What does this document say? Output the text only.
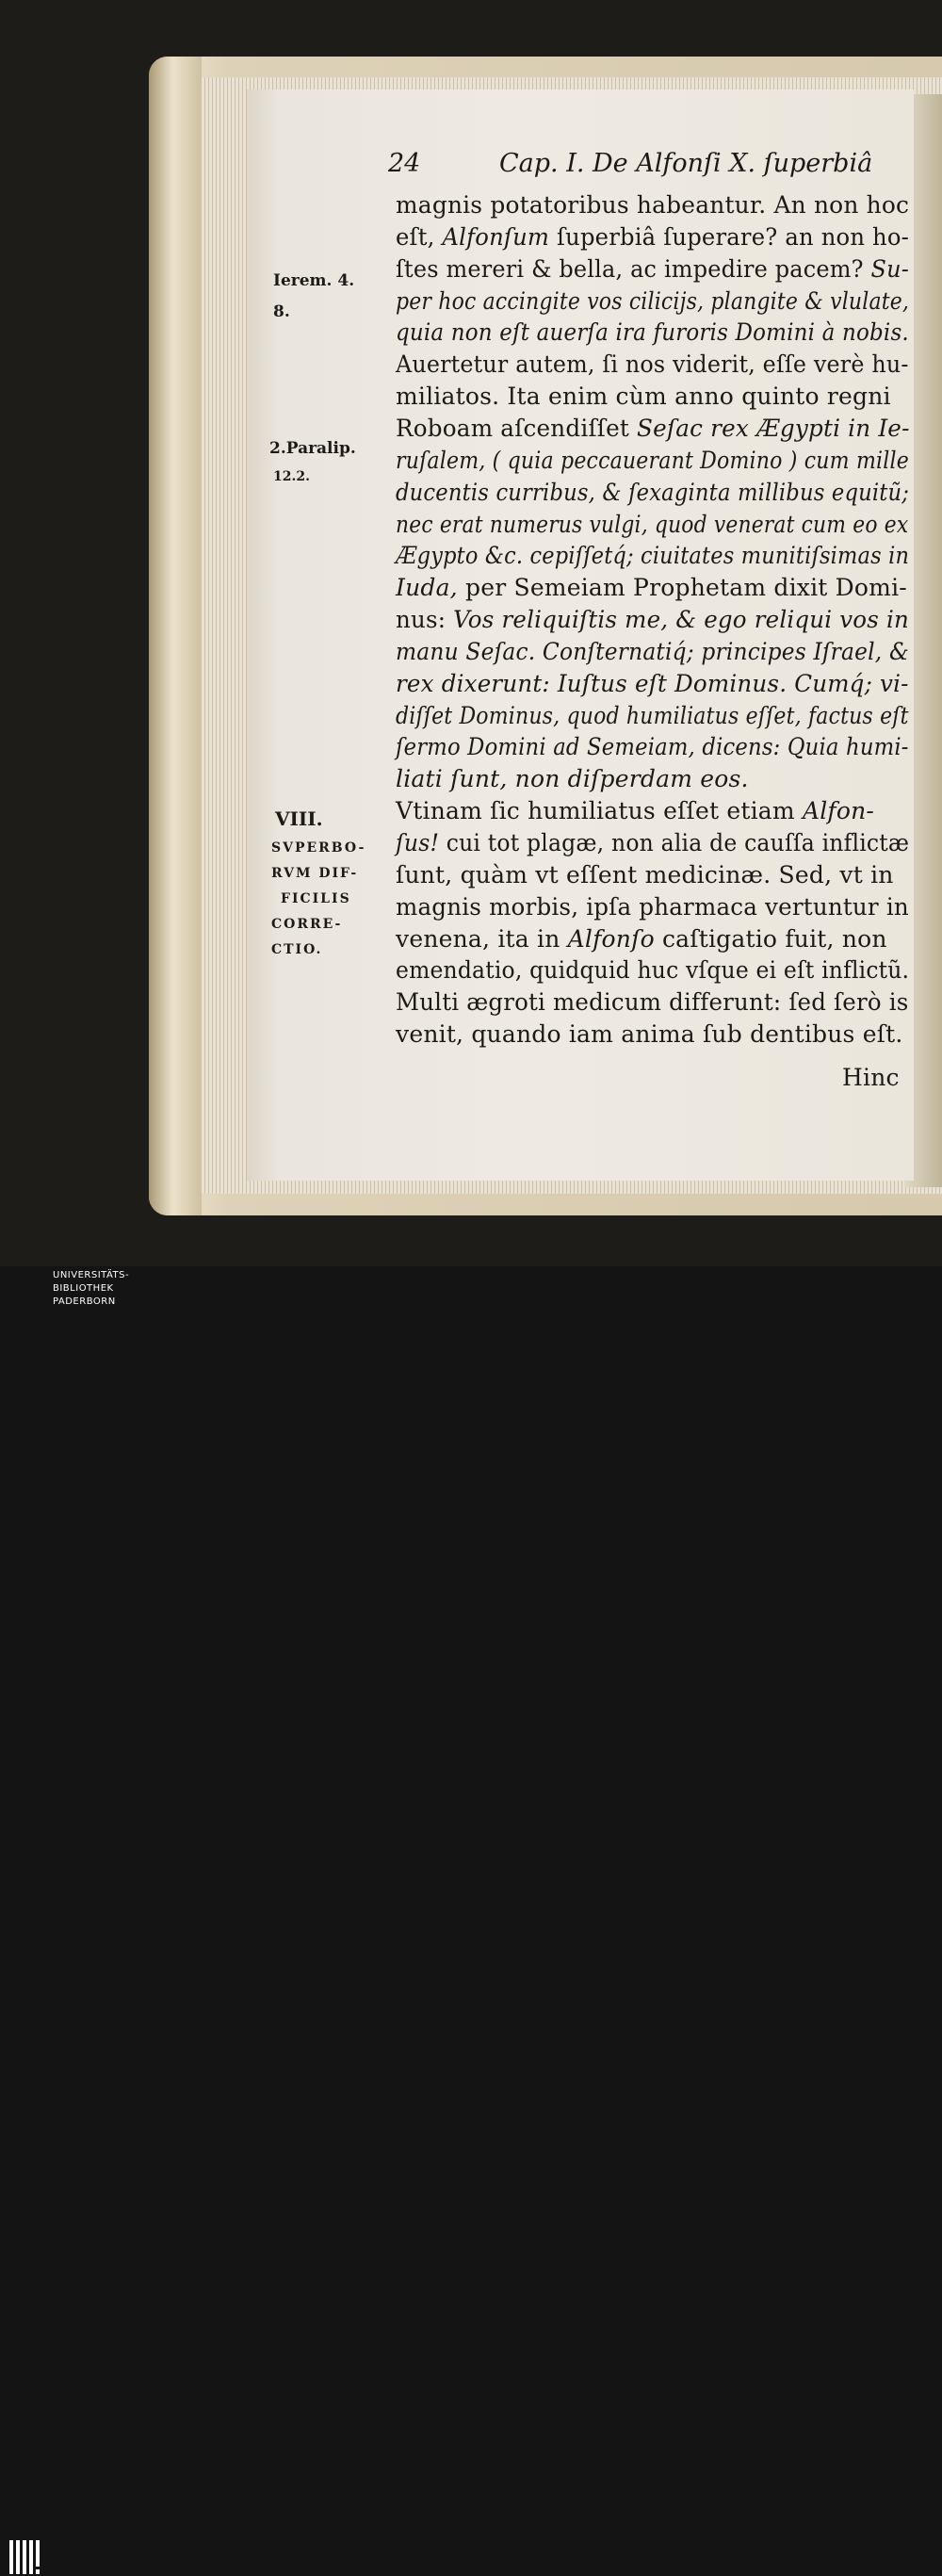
24	Cap. I. De Alfonſi X. ſuperbiâ
magnis potatoribus habeantur. An non hoc
eſt, Alfonſum ſuperbiâ ſuperare? an non ho-
ſtes mereri & bella, ac impedire pacem? Su-
per hoc accingite vos cilicijs, plangite & vlulate,
quia non eſt auerſa ira furoris Domini à nobis.
Auertetur autem, ſi nos viderit, eſſe verè hu-
miliatos. Ita enim cùm anno quinto regni
Roboam aſcendiſſet Seſac rex Ægypti in Ie-
ruſalem, ( quia peccauerant Domino ) cum mille
ducentis curribus, & ſexaginta millibus equitũ;
nec erat numerus vulgi, quod venerat cum eo ex
Ægypto &c. cepiſſetq́; ciuitates munitiſsimas in
Iuda, per Semeiam Prophetam dixit Domi-
nus: Vos reliquiſtis me, & ego reliqui vos in
manu Seſac. Conſternatiq́; principes Iſrael, &
rex dixerunt: Iuſtus eſt Dominus. Cumq́; vi-
diſſet Dominus, quod humiliatus eſſet, factus eſt
ſermo Domini ad Semeiam, dicens: Quia humi-
liati ſunt, non diſperdam eos.
Vtinam ſic humiliatus eſſet etiam Alfon-
ſus! cui tot plagæ, non alia de cauſſa inflictæ
ſunt, quàm vt eſſent medicinæ. Sed, vt in
magnis morbis, ipſa pharmaca vertuntur in
venena, ita in Alfonſo caſtigatio fuit, non
emendatio, quidquid huc vſque ei eſt inflictũ.
Multi ægroti medicum differunt: ſed ſerò is
venit, quando iam anima ſub dentibus eſt.
Ierem. 4.
8.
2.Paralip.
12.2.
VIII.
SVPERBO-
RVM DIF-
FICILIS
CORRE-
CTIO.
Hinc
UNIVERSITÄTS-
BIBLIOTHEK
PADERBORN
